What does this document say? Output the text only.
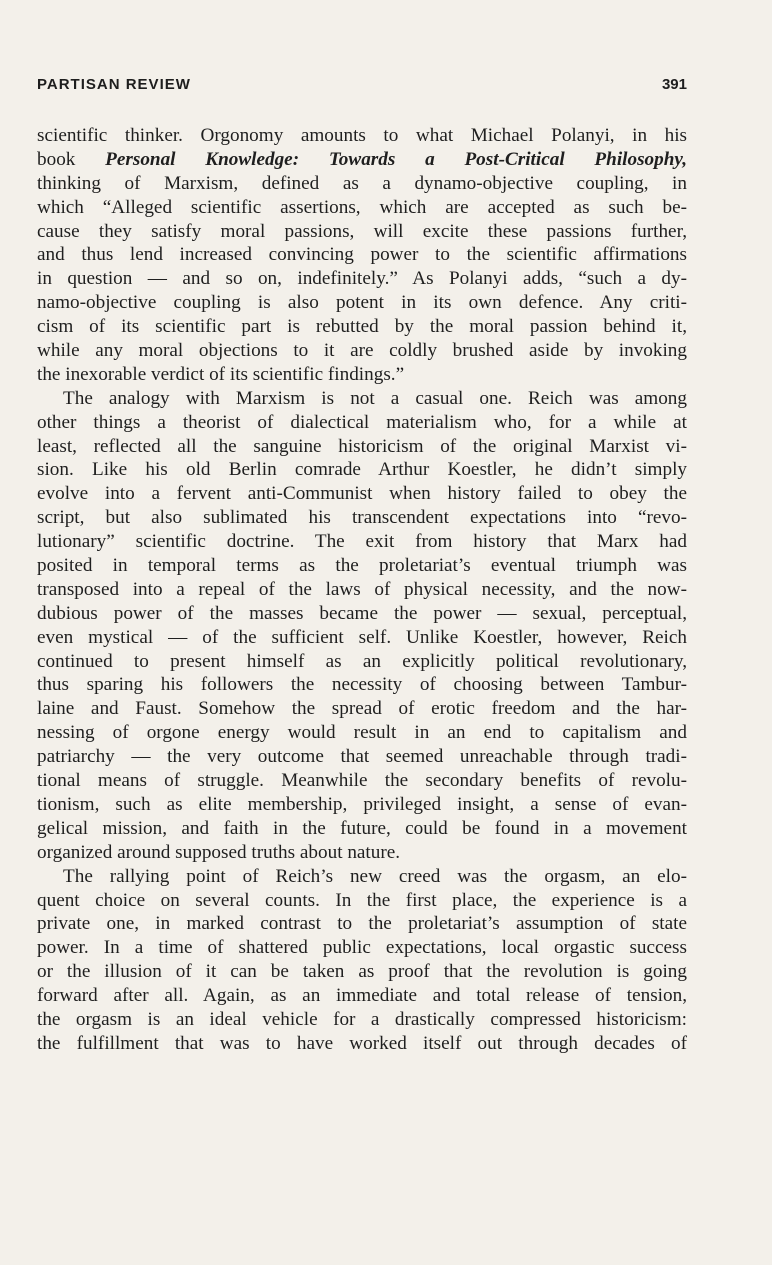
PARTISAN REVIEW	391
scientific thinker. Orgonomy amounts to what Michael Polanyi, in his
book Personal Knowledge: Towards a Post-Critical Philosophy,
thinking of Marxism, defined as a dynamo-objective coupling, in
which “Alleged scientific assertions, which are accepted as such be-
cause they satisfy moral passions, will excite these passions further,
and thus lend increased convincing power to the scientific affirmations
in question — and so on, indefinitely.” As Polanyi adds, “such a dy-
namo-objective coupling is also potent in its own defence. Any criti-
cism of its scientific part is rebutted by the moral passion behind it,
while any moral objections to it are coldly brushed aside by invoking
the inexorable verdict of its scientific findings.”
The analogy with Marxism is not a casual one. Reich was among
other things a theorist of dialectical materialism who, for a while at
least, reflected all the sanguine historicism of the original Marxist vi-
sion. Like his old Berlin comrade Arthur Koestler, he didn’t simply
evolve into a fervent anti-Communist when history failed to obey the
script, but also sublimated his transcendent expectations into “revo-
lutionary” scientific doctrine. The exit from history that Marx had
posited in temporal terms as the proletariat’s eventual triumph was
transposed into a repeal of the laws of physical necessity, and the now-
dubious power of the masses became the power — sexual, perceptual,
even mystical — of the sufficient self. Unlike Koestler, however, Reich
continued to present himself as an explicitly political revolutionary,
thus sparing his followers the necessity of choosing between Tambur-
laine and Faust. Somehow the spread of erotic freedom and the har-
nessing of orgone energy would result in an end to capitalism and
patriarchy — the very outcome that seemed unreachable through tradi-
tional means of struggle. Meanwhile the secondary benefits of revolu-
tionism, such as elite membership, privileged insight, a sense of evan-
gelical mission, and faith in the future, could be found in a movement
organized around supposed truths about nature.
The rallying point of Reich’s new creed was the orgasm, an elo-
quent choice on several counts. In the first place, the experience is a
private one, in marked contrast to the proletariat’s assumption of state
power. In a time of shattered public expectations, local orgastic success
or the illusion of it can be taken as proof that the revolution is going
forward after all. Again, as an immediate and total release of tension,
the orgasm is an ideal vehicle for a drastically compressed historicism:
the fulfillment that was to have worked itself out through decades of
